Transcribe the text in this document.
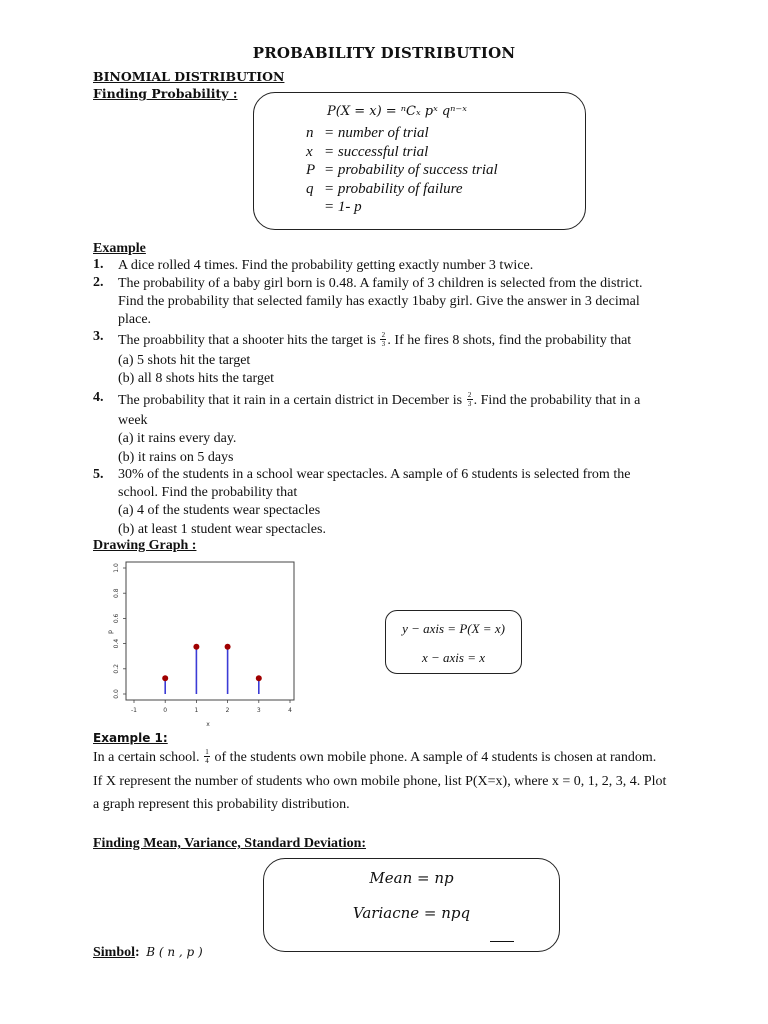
PROBABILITY DISTRIBUTION
BINOMIAL DISTRIBUTION
Finding Probability :
P(X = x) = ⁿCₓ pˣ qⁿ⁻ˣ
n = number of trial
x = successful trial
P = probability of success trial
q = probability of failure
= 1- p
Example
1. A dice rolled 4 times. Find the probability getting exactly number 3 twice.
2. The probability of a baby girl born is 0.48. A family of 3 children is selected from the district.
Find the probability that selected family has exactly 1baby girl. Give the answer in 3 decimal
place.
3. The proabbility that a shooter hits the target is $\frac{2}{3}$ . If he fires 8 shots, find the probability that
(a) 5 shots hit the target
(b) all 8 shots hits the target
4. The probability that it rain in a certain district in December is $\frac{2}{3}$ . Find the probability that in a
week
(a) it rains every day.
(b) it rains on 5 days
5. 30% of the students in a school wear spectacles. A sample of 6 students is selected from the
school. Find the probability that
(a) 4 of the students wear spectacles
(b) at least 1 student wear spectacles.
Drawing Graph :
0.0
0.2
0.4
0.6
0.8
1.0
-1	0	1	2	3	4
x
p	y − axis = P(X = x)
x − axis = x
Example 1:
In a certain school. $\frac{1}{4}$ of the students own mobile phone. A sample of 4 students is chosen at random.
If X represent the number of students who own mobile phone, list P(X=x), where x = 0, 1, 2, 3, 4. Plot
a graph represent this probability distribution.
Finding Mean, Variance, Standard Deviation:
Mean = np
Variacne = npq
Simbol: B ( n , p )
